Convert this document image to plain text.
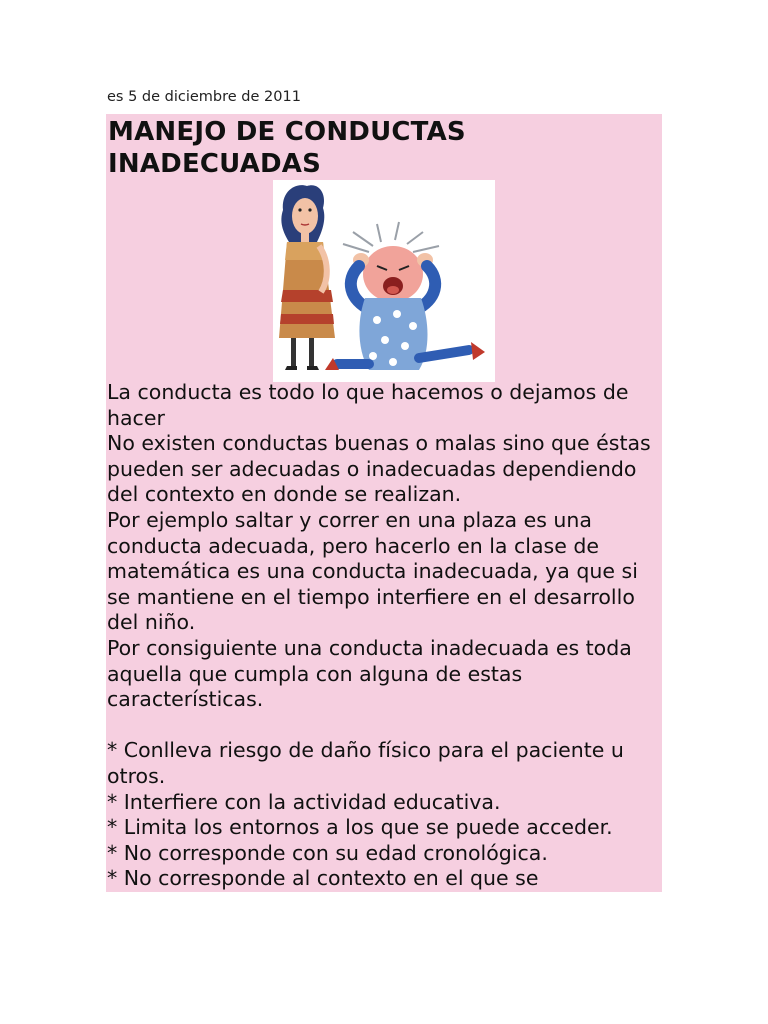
es 5 de diciembre de 2011
MANEJO DE CONDUCTAS INADECUADAS

La conducta es todo lo que hacemos o dejamos de hacer

No existen conductas buenas o malas sino que éstas pueden ser adecuadas o inadecuadas dependiendo del contexto en donde se realizan.

Por ejemplo saltar y correr en una plaza es una conducta adecuada, pero hacerlo en la clase de matemática es una conducta inadecuada, ya que si se mantiene en el tiempo interfiere en el desarrollo del niño.

Por consiguiente una conducta inadecuada es toda aquella que cumpla con alguna de estas características.

* Conlleva riesgo de daño físico para el paciente u otros.

* Interfiere con la actividad educativa.

* Limita los entornos a los que se puede acceder.

* No corresponde con su edad cronológica.

* No corresponde al contexto en el que se
